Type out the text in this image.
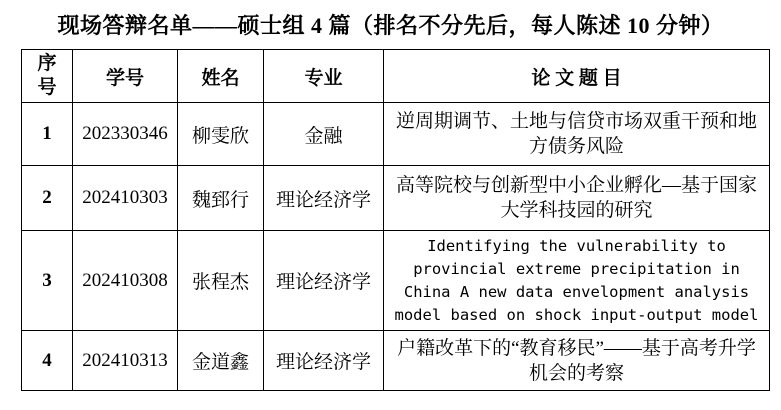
现场答辩名单——硕士组 4 篇（排名不分先后，每人陈述 10 分钟）
序号	学号	姓名	专业	论 文 题 目
1	202330346	柳雯欣	金融	逆周期调节、土地与信贷市场双重干预和地方债务风险
2	202410303	魏郅行	理论经济学	高等院校与创新型中小企业孵化—基于国家大学科技园的研究
3	202410308	张程杰	理论经济学	Identifying the vulnerability to provincial extreme precipitation in China A new data envelopment analysis model based on shock input-output model
4	202410313	金道鑫	理论经济学	户籍改革下的“教育移民”——基于高考升学机会的考察
